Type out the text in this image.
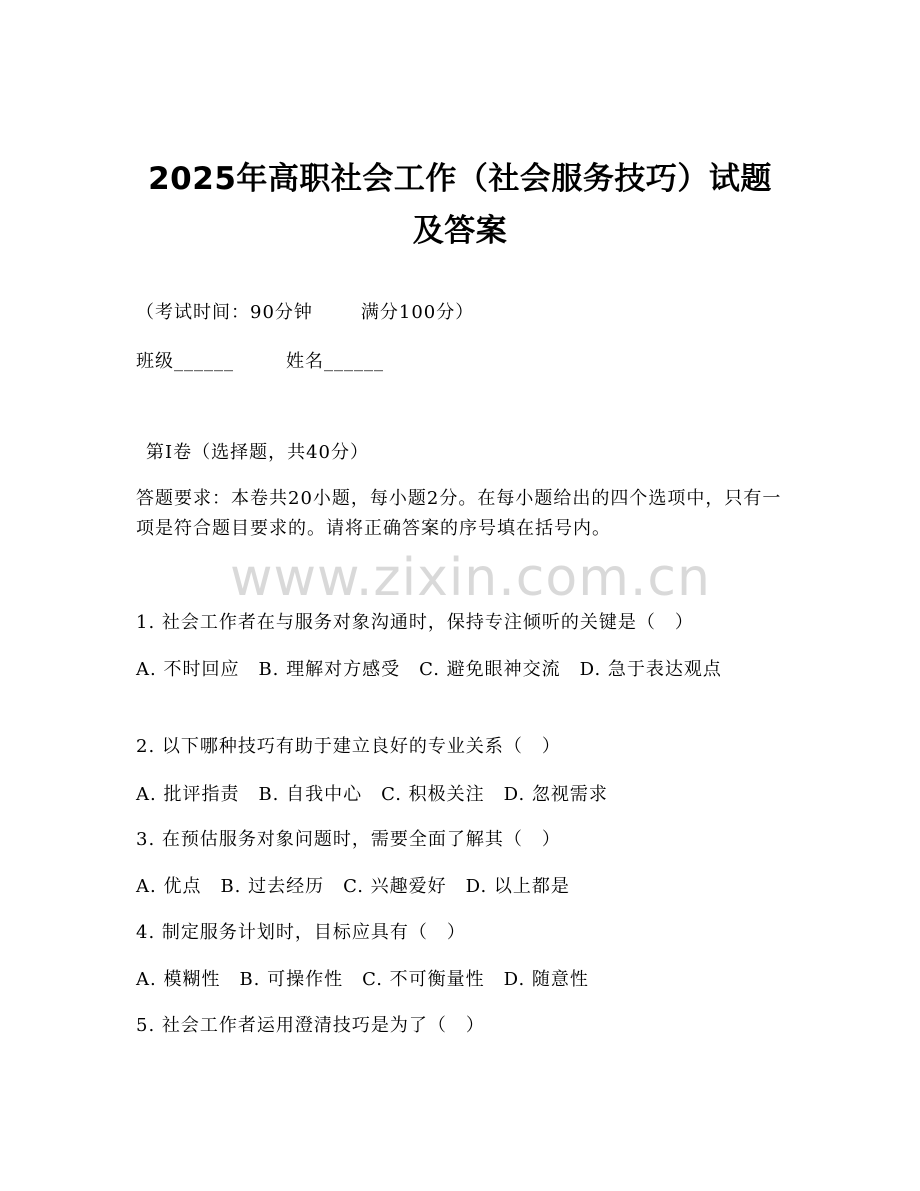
2025年高职社会工作（社会服务技巧）试题
及答案
（考试时间：90分钟	满分100分）
班级______	姓名______
第I卷（选择题，共40分）
答题要求：本卷共20小题，每小题2分。在每小题给出的四个选项中，只有一项是符合题目要求的。请将正确答案的序号填在括号内。
www.zixin.com.cn
1. 社会工作者在与服务对象沟通时，保持专注倾听的关键是（　）
A. 不时回应　B. 理解对方感受　C. 避免眼神交流　D. 急于表达观点
2. 以下哪种技巧有助于建立良好的专业关系（　）
A. 批评指责　B. 自我中心　C. 积极关注　D. 忽视需求
3. 在预估服务对象问题时，需要全面了解其（　）
A. 优点　B. 过去经历　C. 兴趣爱好　D. 以上都是
4. 制定服务计划时，目标应具有（　）
A. 模糊性　B. 可操作性　C. 不可衡量性　D. 随意性
5. 社会工作者运用澄清技巧是为了（　）
